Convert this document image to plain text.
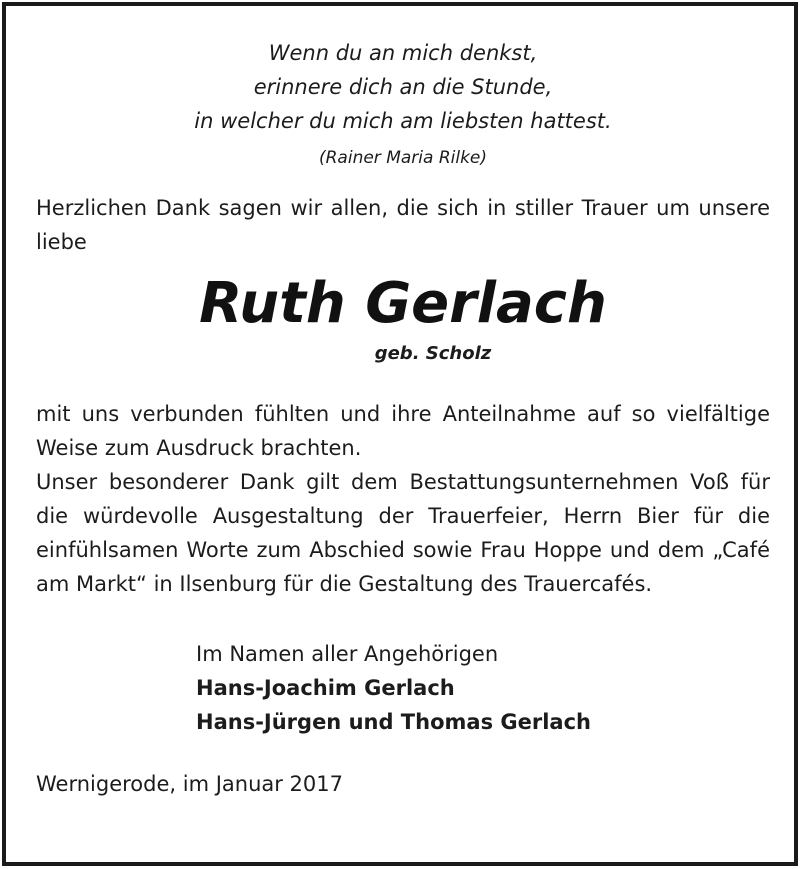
Wenn du an mich denkst,
erinnere dich an die Stunde,
in welcher du mich am liebsten hattest.
(Rainer Maria Rilke)
Herzlichen Dank sagen wir allen, die sich in stiller Trauer um unsere liebe
Ruth Gerlach
geb. Scholz
mit uns verbunden fühlten und ihre Anteilnahme auf so vielfältige Weise zum Ausdruck brachten.
Unser besonderer Dank gilt dem Bestattungsunternehmen Voß für die würdevolle Ausgestaltung der Trauerfeier, Herrn Bier für die einfühlsamen Worte zum Abschied sowie Frau Hoppe und dem „Café am Markt“ in Ilsenburg für die Gestaltung des Trauercafés.
Im Namen aller Angehörigen
Hans-Joachim Gerlach
Hans-Jürgen und Thomas Gerlach
Wernigerode, im Januar 2017
